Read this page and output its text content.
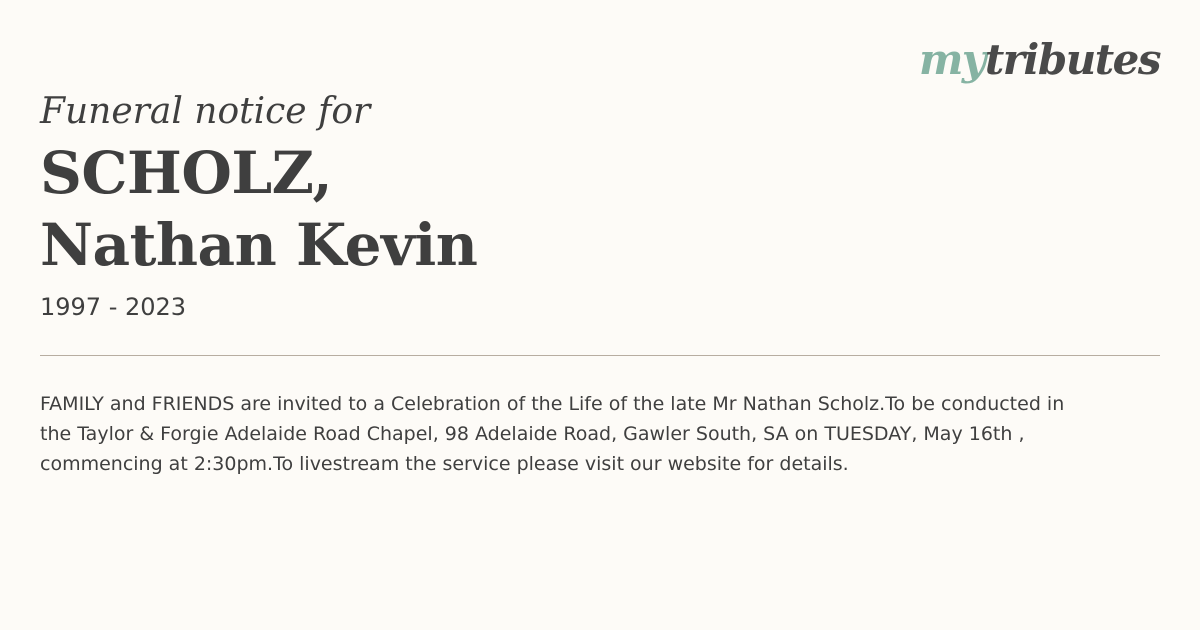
mytributes
Funeral notice for
SCHOLZ,
Nathan Kevin
1997 - 2023
FAMILY and FRIENDS are invited to a Celebration of the Life of the late Mr Nathan Scholz.To be conducted in
the Taylor & Forgie Adelaide Road Chapel, 98 Adelaide Road, Gawler South, SA on TUESDAY, May 16th ,
commencing at 2:30pm.To livestream the service please visit our website for details.
